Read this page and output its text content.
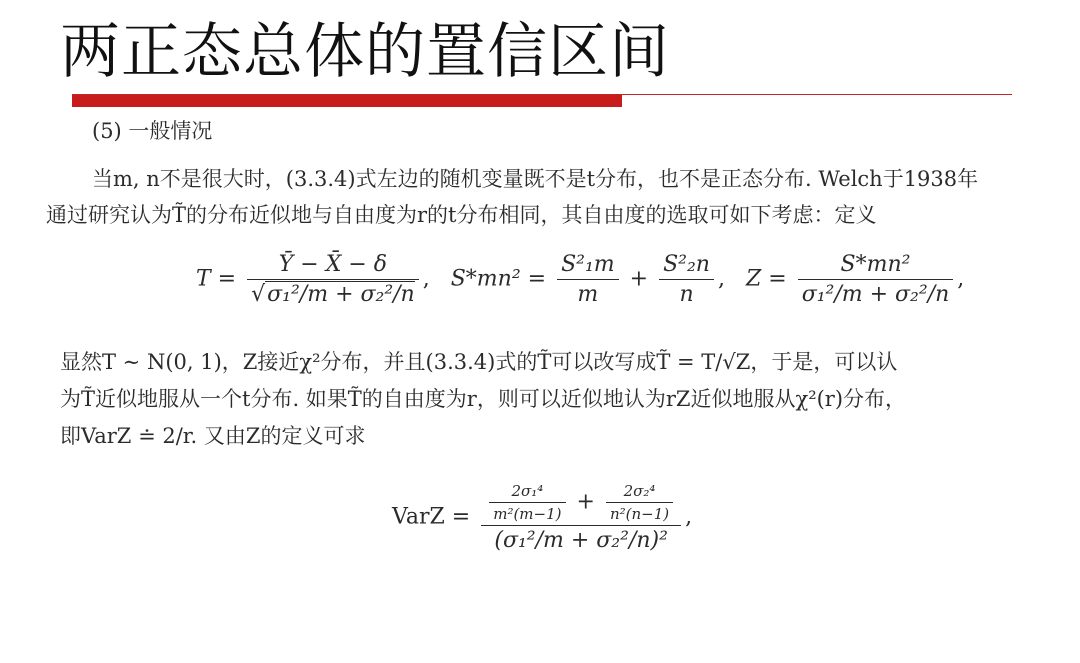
两正态总体的置信区间
(5) 一般情况
当m, n不是很大时，(3.3.4)式左边的随机变量既不是t分布，也不是正态分布. Welch于1938年
通过研究认为T̃的分布近似地与自由度为r的t分布相同，其自由度的选取可如下考虑：定义
$T = \frac{Ȳ - X̄ - \delta}{\text{√σ₁²/m + σ₂²/n}}$ ,   $S*mn^2 = \frac{\text{S²₁m}}{m} + \frac{\text{S²₂n}}{n}$ ,   $Z = \frac{\text{S*mn²}}{\text{σ₁²/m + σ₂²/n}}$ ,
显然T ∼ N(0, 1)，Z接近χ²分布，并且(3.3.4)式的T̃可以改写成T̃ = T/√Z，于是，可以认
为T̃近似地服从一个t分布. 如果T̃的自由度为r，则可以近似地认为rZ近似地服从χ²(r)分布，
即VarZ ≐ 2/r. 又由Z的定义可求
VarZ = $\frac{\text{2σ₁⁴}}{\text{m²(m−1)}} + \frac{\text{2σ₂⁴}}{\text{n²(n−1)}}$
(σ₁²/m + σ₂²/n)²
,
